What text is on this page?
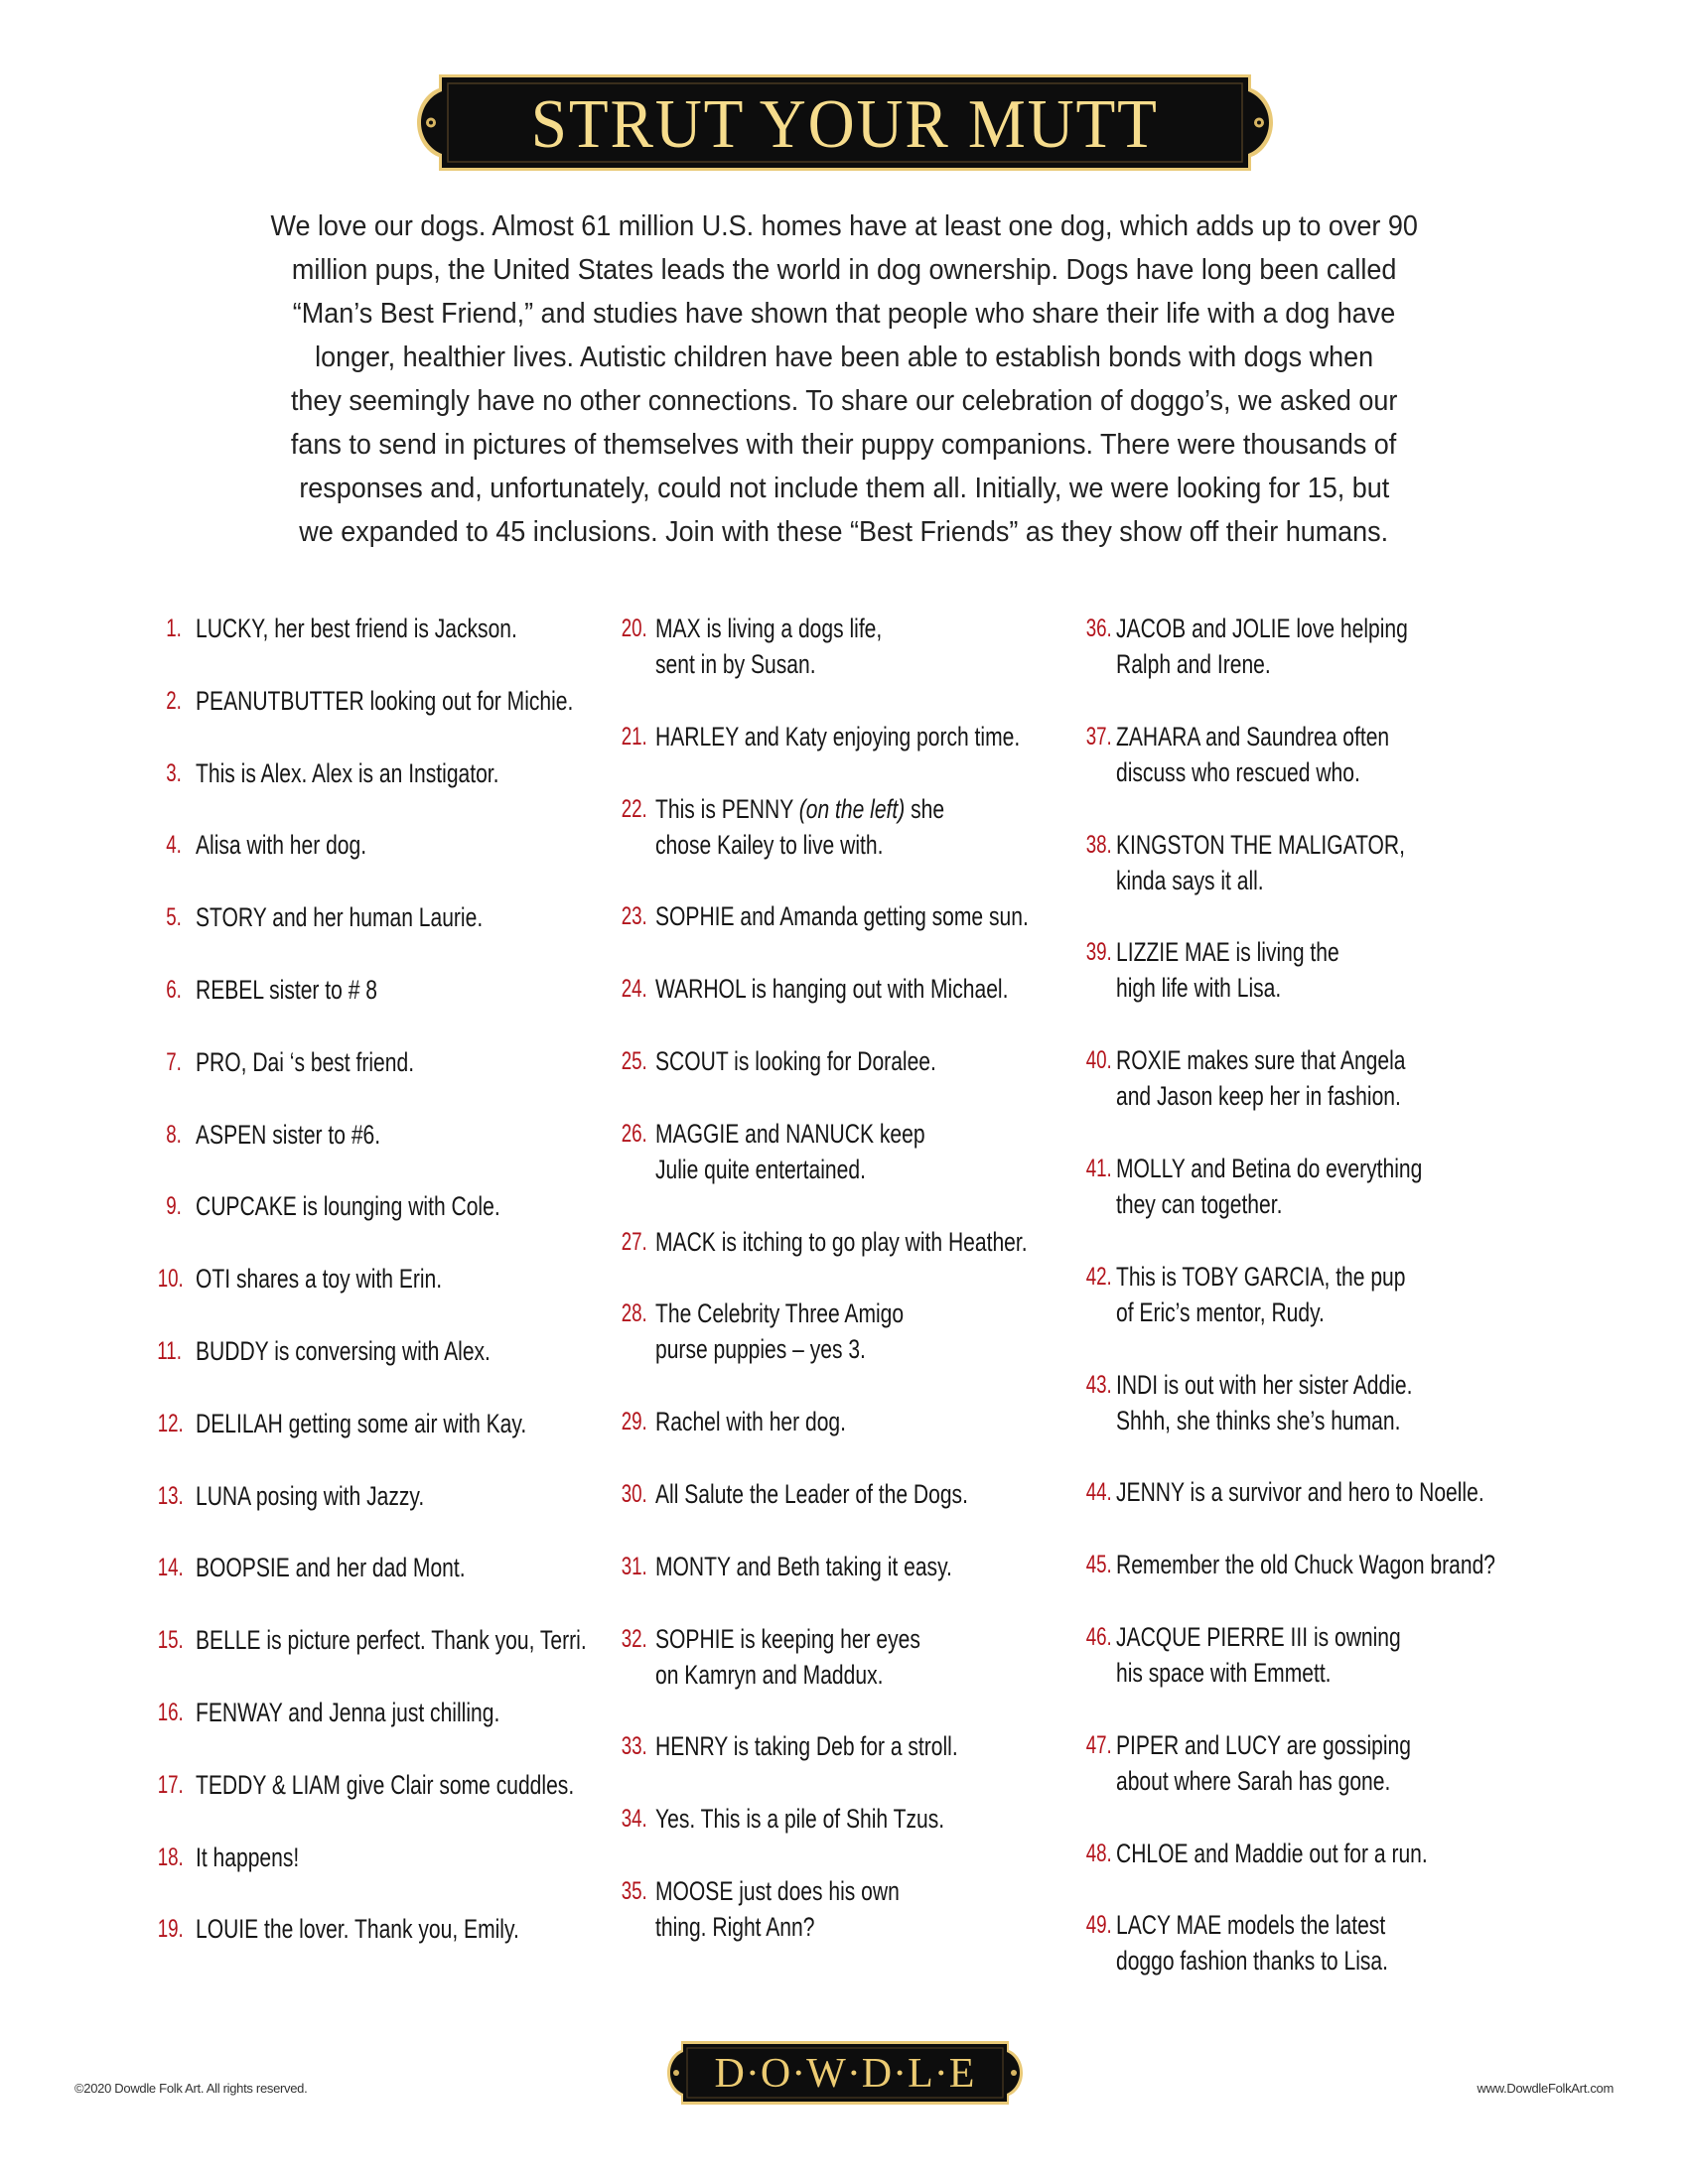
STRUT YOUR MUTT
We love our dogs. Almost 61 million U.S. homes have at least one dog, which adds up to over 90
million pups, the United States leads the world in dog ownership. Dogs have long been called
“Man’s Best Friend,” and studies have shown that people who share their life with a dog have
longer, healthier lives. Autistic children have been able to establish bonds with dogs when
they seemingly have no other connections. To share our celebration of doggo’s, we asked our
fans to send in pictures of themselves with their puppy companions. There were thousands of
responses and, unfortunately, could not include them all. Initially, we were looking for 15, but
we expanded to 45 inclusions. Join with these “Best Friends” as they show off their humans.
1. LUCKY, her best friend is Jackson.
2. PEANUTBUTTER looking out for Michie.
3. This is Alex. Alex is an Instigator.
4. Alisa with her dog.
5. STORY and her human Laurie.
6. REBEL sister to # 8
7. PRO, Dai ‘s best friend.
8. ASPEN sister to #6.
9. CUPCAKE is lounging with Cole.
10. OTI shares a toy with Erin.
11. BUDDY is conversing with Alex.
12. DELILAH getting some air with Kay.
13. LUNA posing with Jazzy.
14. BOOPSIE and her dad Mont.
15. BELLE is picture perfect. Thank you, Terri.
16. FENWAY and Jenna just chilling.
17. TEDDY & LIAM give Clair some cuddles.
18. It happens!
19. LOUIE the lover. Thank you, Emily.
20. MAX is living a dogs life,
sent in by Susan.
21. HARLEY and Katy enjoying porch time.
22. This is PENNY (on the left) she
chose Kailey to live with.
23. SOPHIE and Amanda getting some sun.
24. WARHOL is hanging out with Michael.
25. SCOUT is looking for Doralee.
26. MAGGIE and NANUCK keep
Julie quite entertained.
27. MACK is itching to go play with Heather.
28. The Celebrity Three Amigo
purse puppies – yes 3.
29. Rachel with her dog.
30. All Salute the Leader of the Dogs.
31. MONTY and Beth taking it easy.
32. SOPHIE is keeping her eyes
on Kamryn and Maddux.
33. HENRY is taking Deb for a stroll.
34. Yes. This is a pile of Shih Tzus.
35. MOOSE just does his own
thing. Right Ann?
36. JACOB and JOLIE love helping
Ralph and Irene.
37. ZAHARA and Saundrea often
discuss who rescued who.
38. KINGSTON THE MALIGATOR,
kinda says it all.
39. LIZZIE MAE is living the
high life with Lisa.
40. ROXIE makes sure that Angela
and Jason keep her in fashion.
41. MOLLY and Betina do everything
they can together.
42. This is TOBY GARCIA, the pup
of Eric’s mentor, Rudy.
43. INDI is out with her sister Addie.
Shhh, she thinks she’s human.
44. JENNY is a survivor and hero to Noelle.
45. Remember the old Chuck Wagon brand?
46. JACQUE PIERRE III is owning
his space with Emmett.
47. PIPER and LUCY are gossiping
about where Sarah has gone.
48. CHLOE and Maddie out for a run.
49. LACY MAE models the latest
doggo fashion thanks to Lisa.
©2020 Dowdle Folk Art. All rights reserved.	D·O·W·D·L·E	www.DowdleFolkArt.com
